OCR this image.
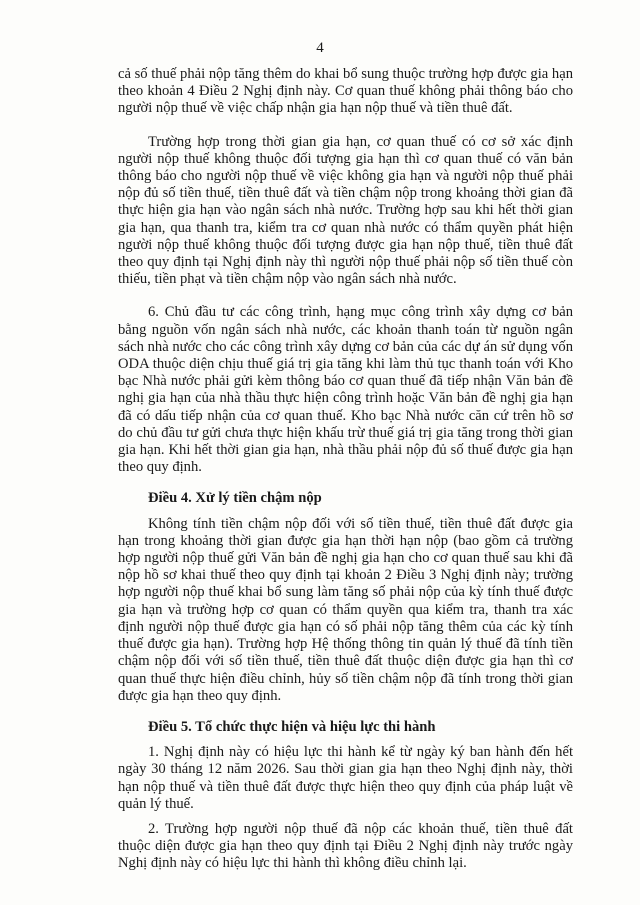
4

cả số thuế phải nộp tăng thêm do khai bổ sung thuộc trường hợp được gia hạn theo khoản 4 Điều 2 Nghị định này. Cơ quan thuế không phải thông báo cho người nộp thuế về việc chấp nhận gia hạn nộp thuế và tiền thuê đất.

Trường hợp trong thời gian gia hạn, cơ quan thuế có cơ sở xác định người nộp thuế không thuộc đối tượng gia hạn thì cơ quan thuế có văn bản thông báo cho người nộp thuế về việc không gia hạn và người nộp thuế phải nộp đủ số tiền thuế, tiền thuê đất và tiền chậm nộp trong khoảng thời gian đã thực hiện gia hạn vào ngân sách nhà nước. Trường hợp sau khi hết thời gian gia hạn, qua thanh tra, kiểm tra cơ quan nhà nước có thẩm quyền phát hiện người nộp thuế không thuộc đối tượng được gia hạn nộp thuế, tiền thuê đất theo quy định tại Nghị định này thì người nộp thuế phải nộp số tiền thuế còn thiếu, tiền phạt và tiền chậm nộp vào ngân sách nhà nước.

6. Chủ đầu tư các công trình, hạng mục công trình xây dựng cơ bản bằng nguồn vốn ngân sách nhà nước, các khoản thanh toán từ nguồn ngân sách nhà nước cho các công trình xây dựng cơ bản của các dự án sử dụng vốn ODA thuộc diện chịu thuế giá trị gia tăng khi làm thủ tục thanh toán với Kho bạc Nhà nước phải gửi kèm thông báo cơ quan thuế đã tiếp nhận Văn bản đề nghị gia hạn của nhà thầu thực hiện công trình hoặc Văn bản đề nghị gia hạn đã có dấu tiếp nhận của cơ quan thuế. Kho bạc Nhà nước căn cứ trên hồ sơ do chủ đầu tư gửi chưa thực hiện khấu trừ thuế giá trị gia tăng trong thời gian gia hạn. Khi hết thời gian gia hạn, nhà thầu phải nộp đủ số thuế được gia hạn theo quy định.

Điều 4. Xử lý tiền chậm nộp

Không tính tiền chậm nộp đối với số tiền thuế, tiền thuê đất được gia hạn trong khoảng thời gian được gia hạn thời hạn nộp (bao gồm cả trường hợp người nộp thuế gửi Văn bản đề nghị gia hạn cho cơ quan thuế sau khi đã nộp hồ sơ khai thuế theo quy định tại khoản 2 Điều 3 Nghị định này; trường hợp người nộp thuế khai bổ sung làm tăng số phải nộp của kỳ tính thuế được gia hạn và trường hợp cơ quan có thẩm quyền qua kiểm tra, thanh tra xác định người nộp thuế được gia hạn có số phải nộp tăng thêm của các kỳ tính thuế được gia hạn). Trường hợp Hệ thống thông tin quản lý thuế đã tính tiền chậm nộp đối với số tiền thuế, tiền thuê đất thuộc diện được gia hạn thì cơ quan thuế thực hiện điều chỉnh, hủy số tiền chậm nộp đã tính trong thời gian được gia hạn theo quy định.

Điều 5. Tổ chức thực hiện và hiệu lực thi hành

1. Nghị định này có hiệu lực thi hành kể từ ngày ký ban hành đến hết ngày 30 tháng 12 năm 2026. Sau thời gian gia hạn theo Nghị định này, thời hạn nộp thuế và tiền thuê đất được thực hiện theo quy định của pháp luật về quản lý thuế.

2. Trường hợp người nộp thuế đã nộp các khoản thuế, tiền thuê đất thuộc diện được gia hạn theo quy định tại Điều 2 Nghị định này trước ngày Nghị định này có hiệu lực thi hành thì không điều chỉnh lại.
